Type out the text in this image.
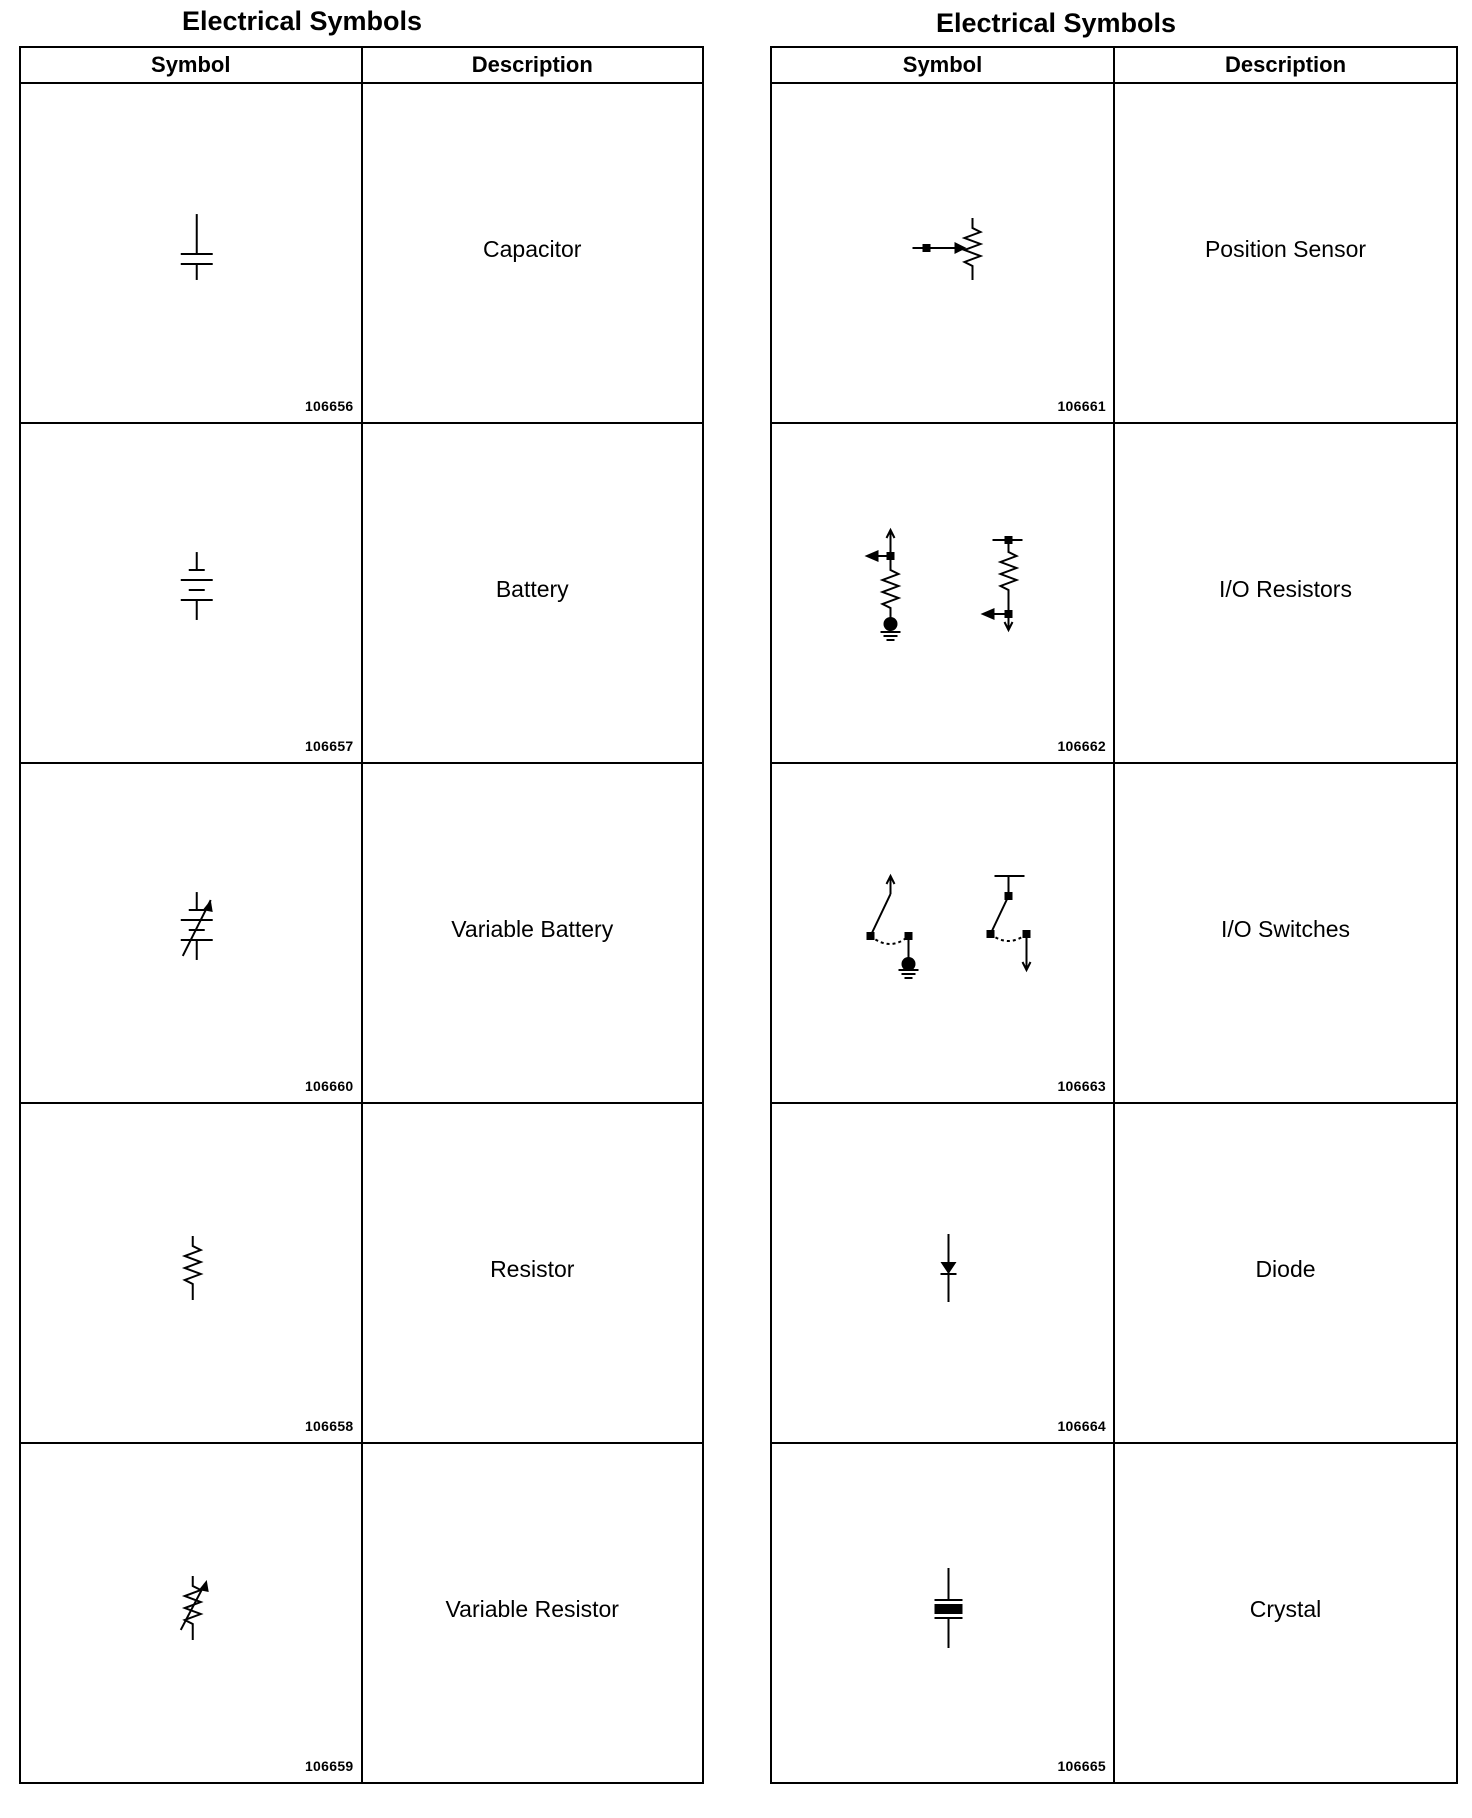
Electrical Symbols	Electrical Symbols
Symbol	Description

106656	Capacitor

106657	Battery

106660	Variable Battery

106658	Resistor

106659	Variable Resistor
Symbol	Description

106661	Position Sensor

106662	I/O Resistors

106663	I/O Switches

106664	Diode

106665	Crystal
